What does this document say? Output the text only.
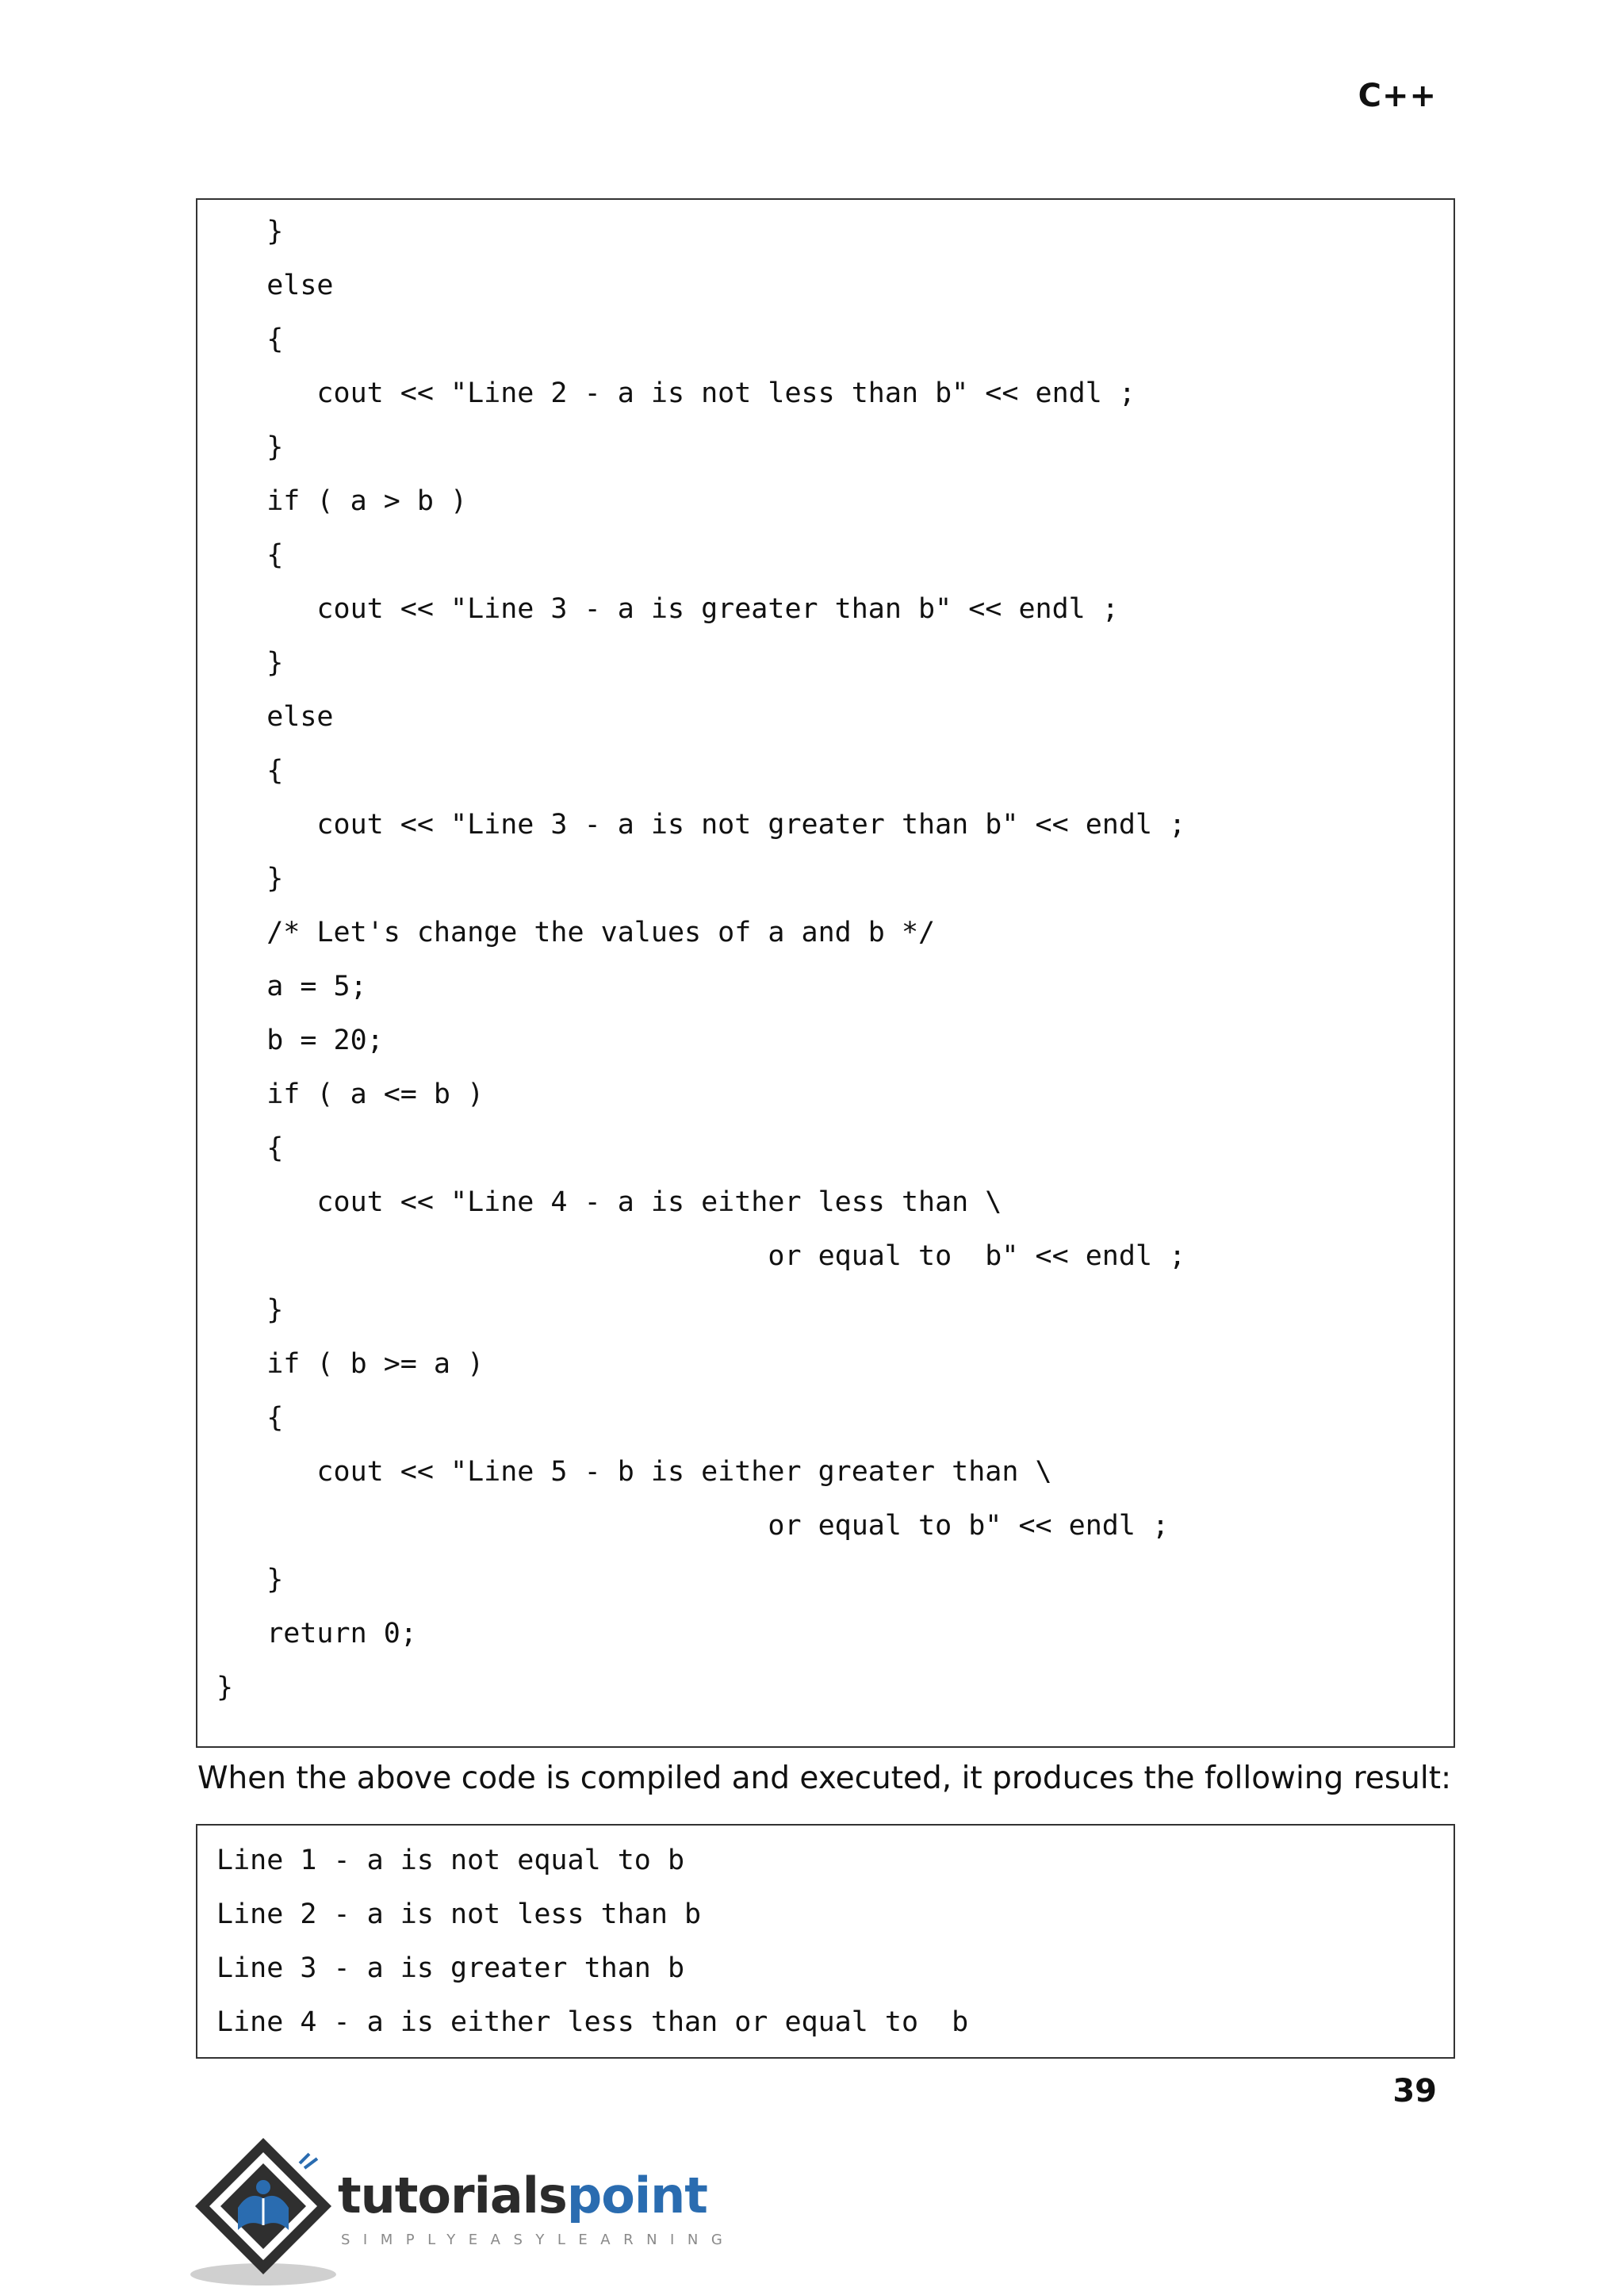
C++
}
else
{
cout << "Line 2 - a is not less than b" << endl ;
}
if ( a > b )
{
cout << "Line 3 - a is greater than b" << endl ;
}
else
{
cout << "Line 3 - a is not greater than b" << endl ;
}
/* Let's change the values of a and b */
a = 5;
b = 20;
if ( a <= b )
{
cout << "Line 4 - a is either less than \
or equal to  b" << endl ;
}
if ( b >= a )
{
cout << "Line 5 - b is either greater than \
or equal to b" << endl ;
}
return 0;
}
When the above code is compiled and executed, it produces the following result:
Line 1 - a is not equal to b
Line 2 - a is not less than b
Line 3 - a is greater than b
Line 4 - a is either less than or equal to  b
39
tutorialspoint
SIMPLYEASYLEARNING
